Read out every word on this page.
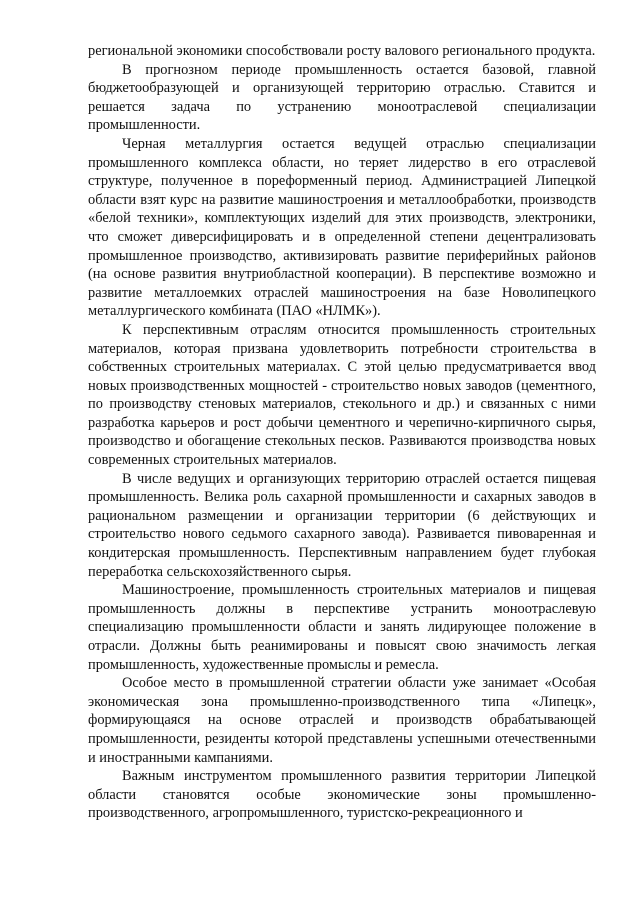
региональной экономики способствовали росту валового регионального продукта.

В прогнозном периоде промышленность остается базовой, главной бюджетообразующей и организующей территорию отраслью. Ставится и решается задача по устранению моноотраслевой специализации промышленности.

Черная металлургия остается ведущей отраслью специализации промышленного комплекса области, но теряет лидерство в его отраслевой структуре, полученное в пореформенный период. Администрацией Липецкой области взят курс на развитие машиностроения и металлообработки, производств «белой техники», комплектующих изделий для этих производств, электроники, что сможет диверсифицировать и в определенной степени децентрализовать промышленное производство, активизировать развитие периферийных районов (на основе развития внутриобластной кооперации). В перспективе возможно и развитие металлоемких отраслей машиностроения на базе Новолипецкого металлургического комбината (ПАО «НЛМК»).

К перспективным отраслям относится промышленность строительных материалов, которая призвана удовлетворить потребности строительства в собственных строительных материалах. С этой целью предусматривается ввод новых производственных мощностей - строительство новых заводов (цементного, по производству стеновых материалов, стекольного и др.) и связанных с ними разработка карьеров и рост добычи цементного и черепично-кирпичного сырья, производство и обогащение стекольных песков. Развиваются производства новых современных строительных материалов.

В числе ведущих и организующих территорию отраслей остается пищевая промышленность. Велика роль сахарной промышленности и сахарных заводов в рациональном размещении и организации территории (6 действующих и строительство нового седьмого сахарного завода). Развивается пивоваренная и кондитерская промышленность. Перспективным направлением будет глубокая переработка сельскохозяйственного сырья.

Машиностроение, промышленность строительных материалов и пищевая промышленность должны в перспективе устранить моноотраслевую специализацию промышленности области и занять лидирующее положение в отрасли. Должны быть реанимированы и повысят свою значимость легкая промышленность, художественные промыслы и ремесла.

Особое место в промышленной стратегии области уже занимает «Особая экономическая зона промышленно-производственного типа «Липецк», формирующаяся на основе отраслей и производств обрабатывающей промышленности, резиденты которой представлены успешными отечественными и иностранными кампаниями.

Важным инструментом промышленного развития территории Липецкой области становятся особые экономические зоны промышленно-производственного, агропромышленного, туристско-рекреационного и
